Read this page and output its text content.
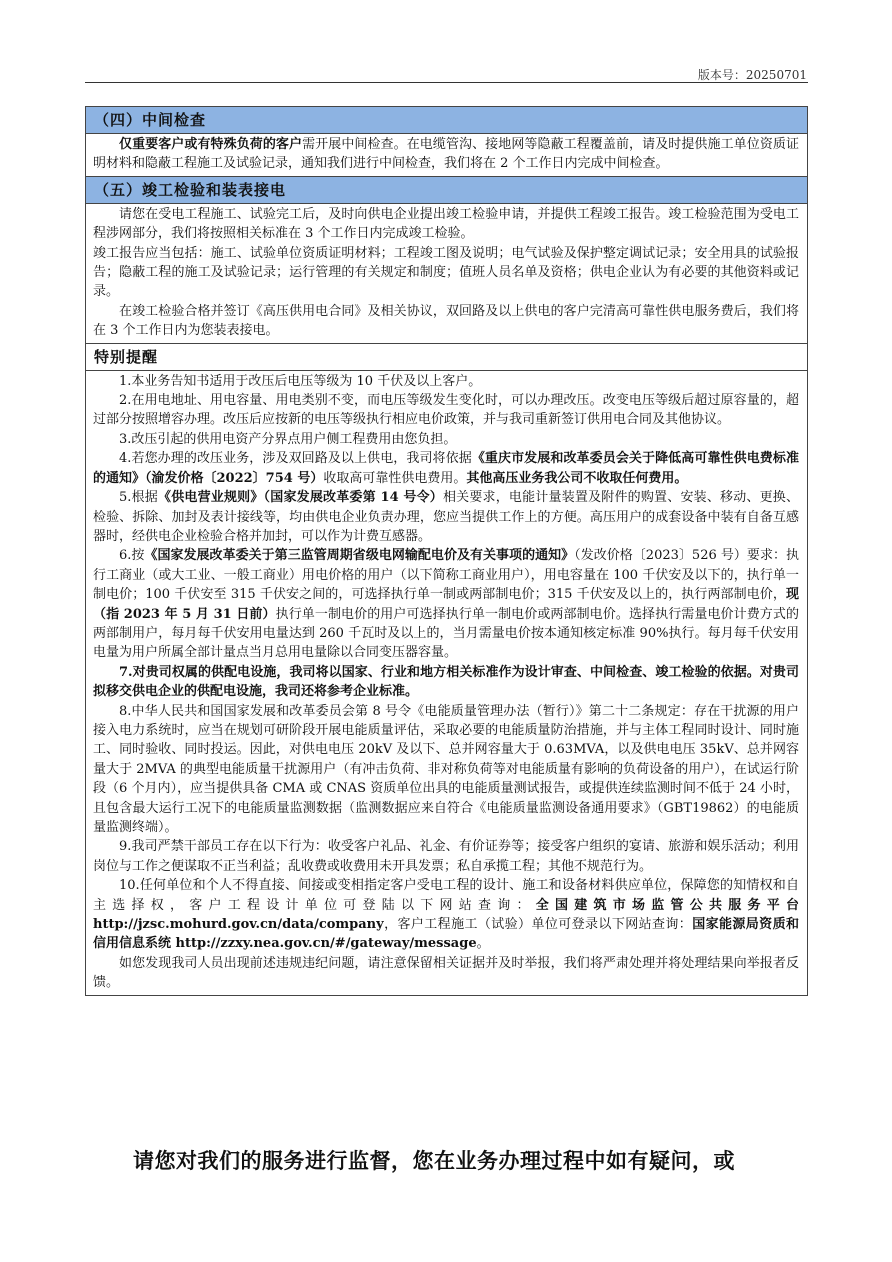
版本号：20250701
（四）中间检查

仅重要客户或有特殊负荷的客户需开展中间检查。在电缆管沟、接地网等隐蔽工程覆盖前，请及时提供施工单位资质证明材料和隐蔽工程施工及试验记录，通知我们进行中间检查，我们将在 2 个工作日内完成中间检查。

（五）竣工检验和装表接电

请您在受电工程施工、试验完工后，及时向供电企业提出竣工检验申请，并提供工程竣工报告。竣工检验范围为受电工程涉网部分，我们将按照相关标准在 3 个工作日内完成竣工检验。

竣工报告应当包括：施工、试验单位资质证明材料；工程竣工图及说明；电气试验及保护整定调试记录；安全用具的试验报告；隐蔽工程的施工及试验记录；运行管理的有关规定和制度；值班人员名单及资格；供电企业认为有必要的其他资料或记录。

在竣工检验合格并签订《高压供用电合同》及相关协议，双回路及以上供电的客户完清高可靠性供电服务费后，我们将在 3 个工作日内为您装表接电。

特别提醒

1.本业务告知书适用于改压后电压等级为 10 千伏及以上客户。

2.在用电地址、用电容量、用电类别不变，而电压等级发生变化时，可以办理改压。改变电压等级后超过原容量的，超过部分按照增容办理。改压后应按新的电压等级执行相应电价政策，并与我司重新签订供用电合同及其他协议。

3.改压引起的供用电资产分界点用户侧工程费用由您负担。

4.若您办理的改压业务，涉及双回路及以上供电，我司将依据《重庆市发展和改革委员会关于降低高可靠性供电费标准的通知》（渝发价格〔2022〕754 号）收取高可靠性供电费用。其他高压业务我公司不收取任何费用。

5.根据《供电营业规则》（国家发展改革委第 14 号令）相关要求，电能计量装置及附件的购置、安装、移动、更换、检验、拆除、加封及表计接线等，均由供电企业负责办理，您应当提供工作上的方便。高压用户的成套设备中装有自备互感器时，经供电企业检验合格并加封，可以作为计费互感器。

6.按《国家发展改革委关于第三监管周期省级电网输配电价及有关事项的通知》（发改价格〔2023〕526 号）要求：执行工商业（或大工业、一般工商业）用电价格的用户（以下简称工商业用户），用电容量在 100 千伏安及以下的，执行单一制电价；100 千伏安至 315 千伏安之间的，可选择执行单一制或两部制电价；315 千伏安及以上的，执行两部制电价，现（指 2023 年 5 月 31 日前）执行单一制电价的用户可选择执行单一制电价或两部制电价。选择执行需量电价计费方式的两部制用户，每月每千伏安用电量达到 260 千瓦时及以上的，当月需量电价按本通知核定标准 90%执行。每月每千伏安用电量为用户所属全部计量点当月总用电量除以合同变压器容量。

7.对贵司权属的供配电设施，我司将以国家、行业和地方相关标准作为设计审查、中间检查、竣工检验的依据。对贵司拟移交供电企业的供配电设施，我司还将参考企业标准。

8.中华人民共和国国家发展和改革委员会第 8 号令《电能质量管理办法（暂行）》第二十二条规定：存在干扰源的用户接入电力系统时，应当在规划可研阶段开展电能质量评估，采取必要的电能质量防治措施，并与主体工程同时设计、同时施工、同时验收、同时投运。因此，对供电电压 20kV 及以下、总并网容量大于 0.63MVA，以及供电电压 35kV、总并网容量大于 2MVA 的典型电能质量干扰源用户（有冲击负荷、非对称负荷等对电能质量有影响的负荷设备的用户），在试运行阶段（6 个月内），应当提供具备 CMA 或 CNAS 资质单位出具的电能质量测试报告，或提供连续监测时间不低于 24 小时，且包含最大运行工况下的电能质量监测数据（监测数据应来自符合《电能质量监测设备通用要求》（GBT19862）的电能质量监测终端）。

9.我司严禁干部员工存在以下行为：收受客户礼品、礼金、有价证券等；接受客户组织的宴请、旅游和娱乐活动；利用岗位与工作之便谋取不正当利益；乱收费或收费用未开具发票；私自承揽工程；其他不规范行为。

10.任何单位和个人不得直接、间接或变相指定客户受电工程的设计、施工和设备材料供应单位，保障您的知情权和自主选择权，客户工程设计单位可登陆以下网站查询：全国建筑市场监管公共服务平台 http://jzsc.mohurd.gov.cn/data/company，客户工程施工（试验）单位可登录以下网站查询：国家能源局资质和信用信息系统 http://zzxy.nea.gov.cn/#/gateway/message。

如您发现我司人员出现前述违规违纪问题，请注意保留相关证据并及时举报，我们将严肃处理并将处理结果向举报者反馈。

请您对我们的服务进行监督，您在业务办理过程中如有疑问，或
